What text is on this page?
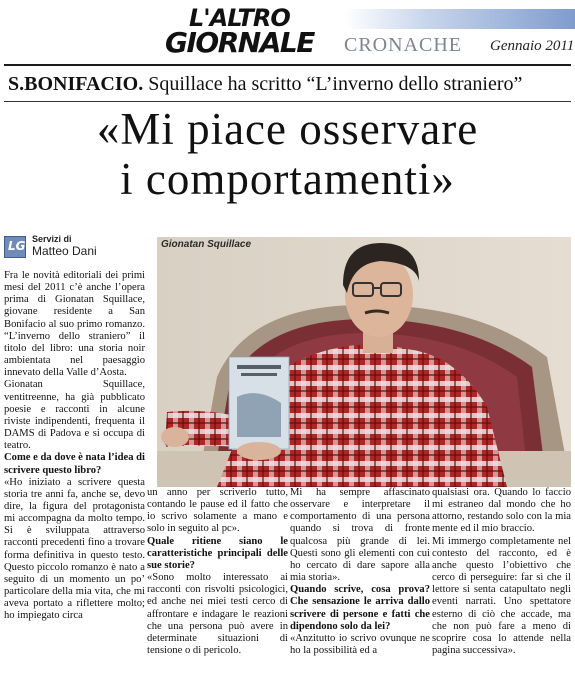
L'ALTRO
GIORNALE CRONACHE Gennaio 2011
S.BONIFACIO. Squillace ha scritto “L’inverno dello straniero”
«Mi piace osservare
i comportamenti»
LG Servizi di
Matteo Dani	Gionatan Squillace

Fra le novità editoriali dei primi mesi del 2011 c’è anche l’opera prima di Gionatan Squillace, giovane residente a San Bonifacio al suo primo romanzo. “L’inverno dello straniero” il titolo del libro: una storia noir ambientata nel paesaggio innevato della Valle d’Aosta.

Gionatan Squillace, ventitreenne, ha già pubblicato poesie e racconti in alcune riviste indipendenti, frequenta il DAMS di Padova e si occupa di teatro.

Come e da dove è nata l’idea di scrivere questo libro?

«Ho iniziato a scrivere questa storia tre anni fa, anche se, devo dire, la figura del protagonista mi accompagna da molto tempo. Si è sviluppata attraverso racconti precedenti fino a trovare forma definitiva in questo testo. Questo piccolo romanzo è nato a seguito di un momento un po’ particolare della mia vita, che mi aveva portato a riflettere molto; ho impiegato circa

un anno per scriverlo tutto, contando le pause ed il fatto che io scrivo solamente a mano e solo in seguito al pc».

Quale ritiene siano le caratteristiche principali delle sue storie?

«Sono molto interessato ai racconti con risvolti psicologici, ed anche nei miei testi cerco di affrontare e indagare le reazioni che una persona può avere in determinate situazioni di tensione o di pericolo.

Mi ha sempre affascinato osservare e interpretare il comportamento di una persona quando si trova di fronte qualcosa più grande di lei. Questi sono gli elementi con cui ho cercato di dare sapore alla mia storia».

Quando scrive, cosa prova? Che sensazione le arriva dallo scrivere di persone e fatti che dipendono solo da lei?

«Anzitutto io scrivo ovunque ne ho la possibilità ed a

qualsiasi ora. Quando lo faccio mi estraneo dal mondo che ho attorno, restando solo con la mia mente ed il mio braccio.

Mi immergo completamente nel contesto del racconto, ed è anche questo l’obiettivo che cerco di perseguire: far sì che il lettore si senta catapultato negli eventi narrati. Uno spettatore esterno di ciò che accade, ma che non può fare a meno di scoprire cosa lo attende nella pagina successiva».
